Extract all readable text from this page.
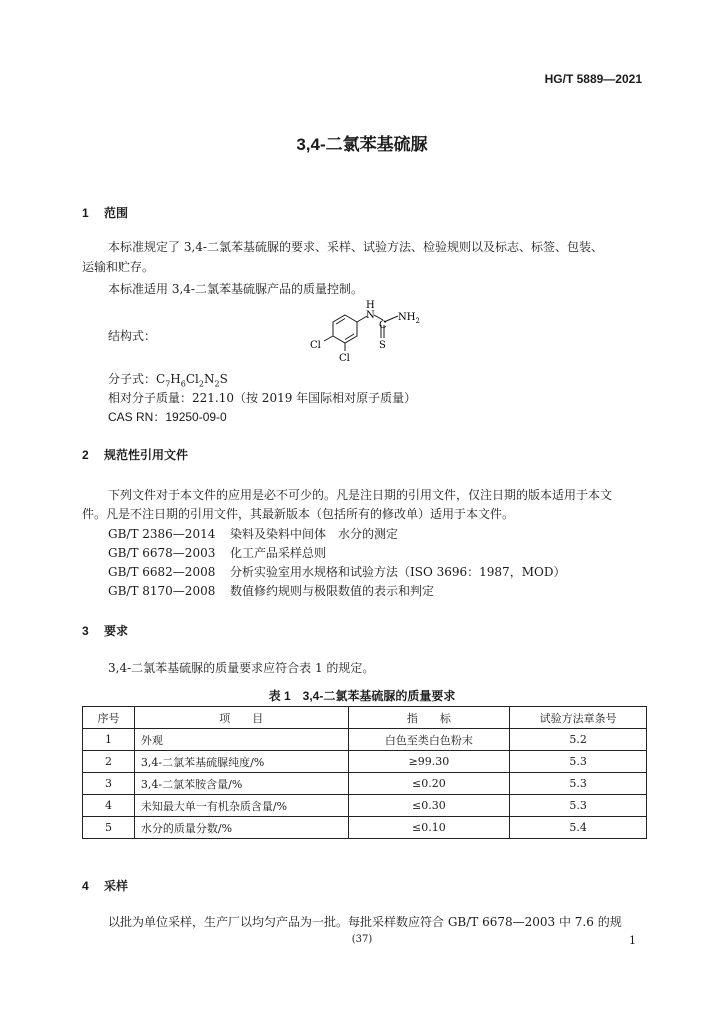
HG/T 5889—2021
3,4-二氯苯基硫脲
1 范围
本标准规定了 3,4-二氯苯基硫脲的要求、采样、试验方法、检验规则以及标志、标签、包装、
运输和贮存。
本标准适用 3,4-二氯苯基硫脲产品的质量控制。
结构式：
H
N $NH_2$
C
S
Cl
Cl
分子式：$C_7H_6Cl_2N_2S$
相对分子质量：221.10（按 2019 年国际相对原子质量）
CAS RN：19250-09-0
2 规范性引用文件
下列文件对于本文件的应用是必不可少的。凡是注日期的引用文件，仅注日期的版本适用于本文
件。凡是不注日期的引用文件，其最新版本（包括所有的修改单）适用于本文件。
GB/T 2386—2014 染料及染料中间体　水分的测定
GB/T 6678—2003 化工产品采样总则
GB/T 6682—2008 分析实验室用水规格和试验方法（ISO 3696：1987，MOD）
GB/T 8170—2008 数值修约规则与极限数值的表示和判定
3 要求
3,4-二氯苯基硫脲的质量要求应符合表 1 的规定。
表 1　3,4-二氯苯基硫脲的质量要求
序号	项　　目	指　　标	试验方法章条号
1	外观	白色至类白色粉末	5.2
2	3,4-二氯苯基硫脲纯度/%	≥99.30	5.3
3	3,4-二氯苯胺含量/%	≤0.20	5.3
4	未知最大单一有机杂质含量/%	≤0.30	5.3
5	水分的质量分数/%	≤0.10	5.4
4 采样
以批为单位采样，生产厂以均匀产品为一批。每批采样数应符合 GB/T 6678—2003 中 7.6 的规
(37)	1
